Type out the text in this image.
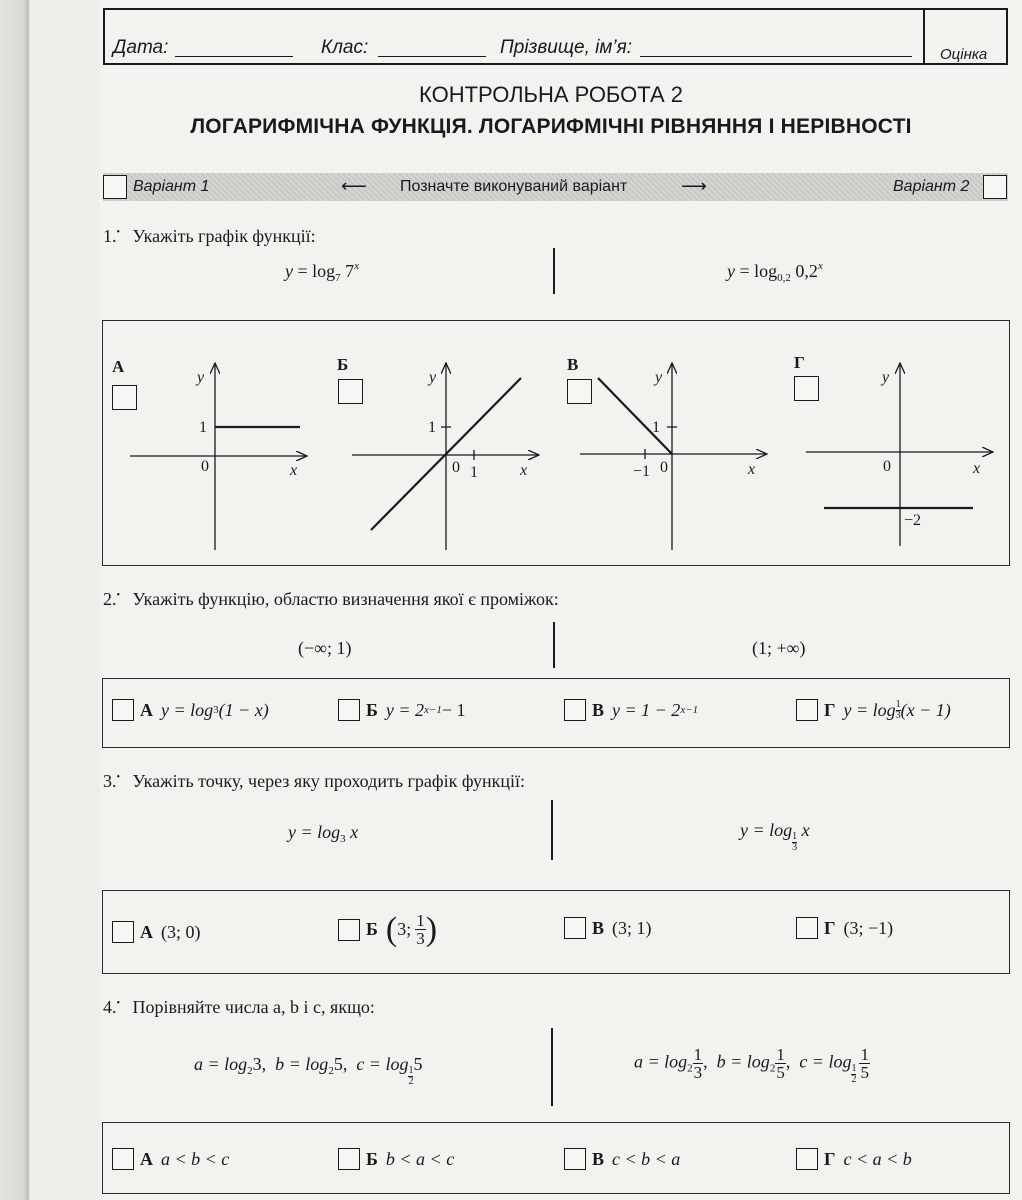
Дата:	Клас:	Прізвище, ім’я:	Оцінка
КОНТРОЛЬНА РОБОТА 2
ЛОГАРИФМІЧНА ФУНКЦІЯ. ЛОГАРИФМІЧНІ РІВНЯННЯ І НЕРІВНОСТІ
Варіант 1	⟵ Позначте виконуваний варіант	⟶	Варіант 2
1.• Укажіть графік функції:
$y = \log_7 7^x$	$y = \log_{0,2} 0,2^x$
y
x
0
1
y
x
0 1
1
y
x
0
−1
1
y
x
0
−2
А	Б	В	Г
2.• Укажіть функцію, областю визначення якої є проміжок:
(−∞; 1)	(1; +∞)
А y = log 3 (1 − x)	Б y = 2 x−1 − 1	В y = 1 − 2 x−1	Г $y = \log \frac{1}{3} (x - 1)$
3.• Укажіть точку, через яку проходить графік функції:
$y = \log_3 x$	y = log
$\frac{1}{3}$
x
А (3; 0)	Б ( 3; $\frac{1}{3}$ )	В (3; 1)	Г (3; −1)
4.• Порівняйте числа a, b і c, якщо:
$a = \log_23$, $b = \log_25$, c = log
$\frac{1}{2}$
5	$a = \log_2 \frac{1}{3}$ , $b = \log_2 \frac{1}{5}$ , c = log
$\frac{1}{2} \frac{1}{5}$
А a < b < c	Б b < a < c	В c < b < a	Г c < a < b
